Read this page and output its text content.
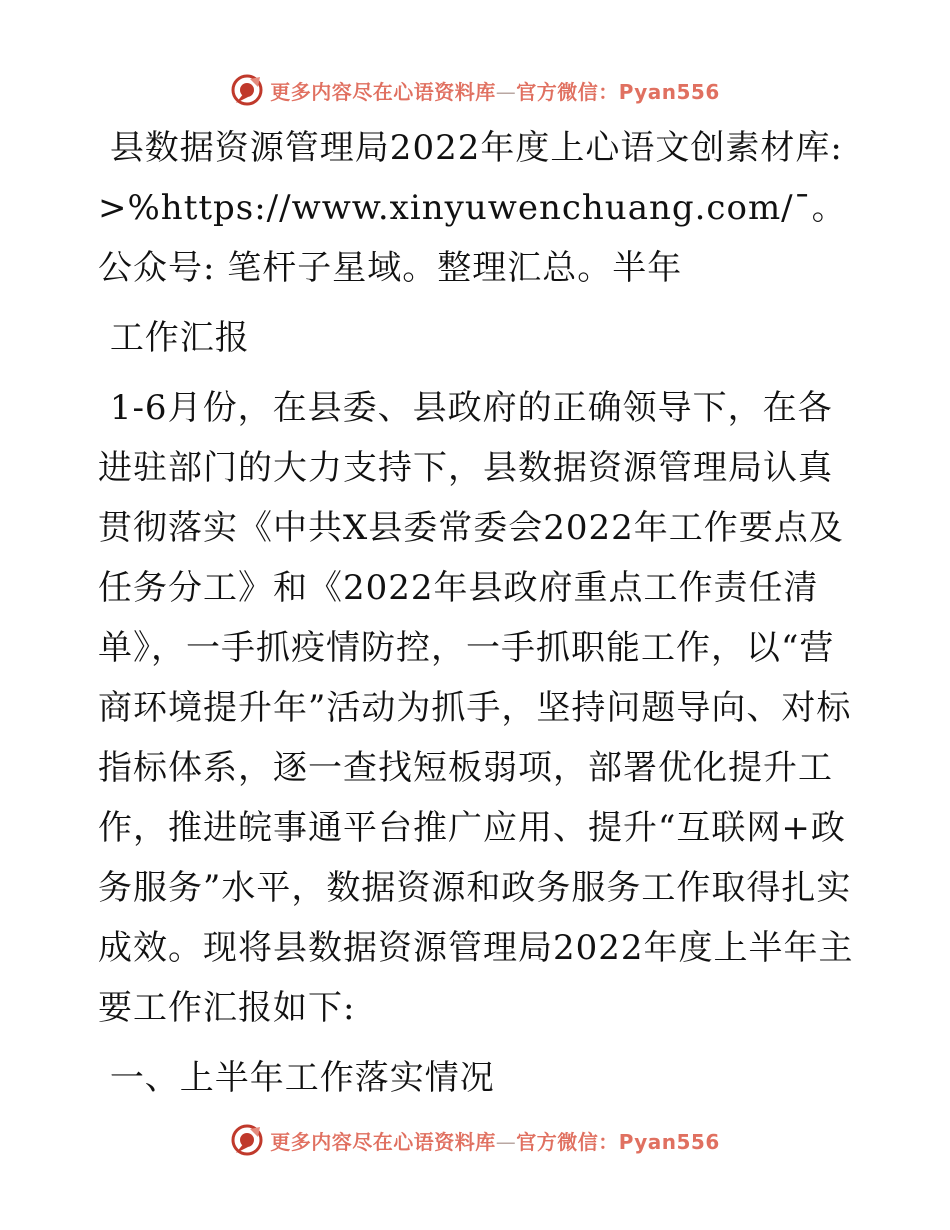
更多内容尽在心语资料库—官方微信：Pyan556

县数据资源管理局2022年度上心语文创素材库: >%https://www.xinyuwenchuang.com/¯。公众号: 笔杆子星域。整理汇总。半年

工作汇报

1-6月份，在县委、县政府的正确领导下，在各进驻部门的大力支持下，县数据资源管理局认真贯彻落实《中共X县委常委会2022年工作要点及任务分工》和《2022年县政府重点工作责任清单》，一手抓疫情防控，一手抓职能工作，以“营商环境提升年”活动为抓手，坚持问题导向、对标指标体系，逐一查找短板弱项，部署优化提升工作，推进皖事通平台推广应用、提升“互联网+政务服务”水平，数据资源和政务服务工作取得扎实成效。现将县数据资源管理局2022年度上半年主要工作汇报如下:

一、上半年工作落实情况

更多内容尽在心语资料库—官方微信：Pyan556
